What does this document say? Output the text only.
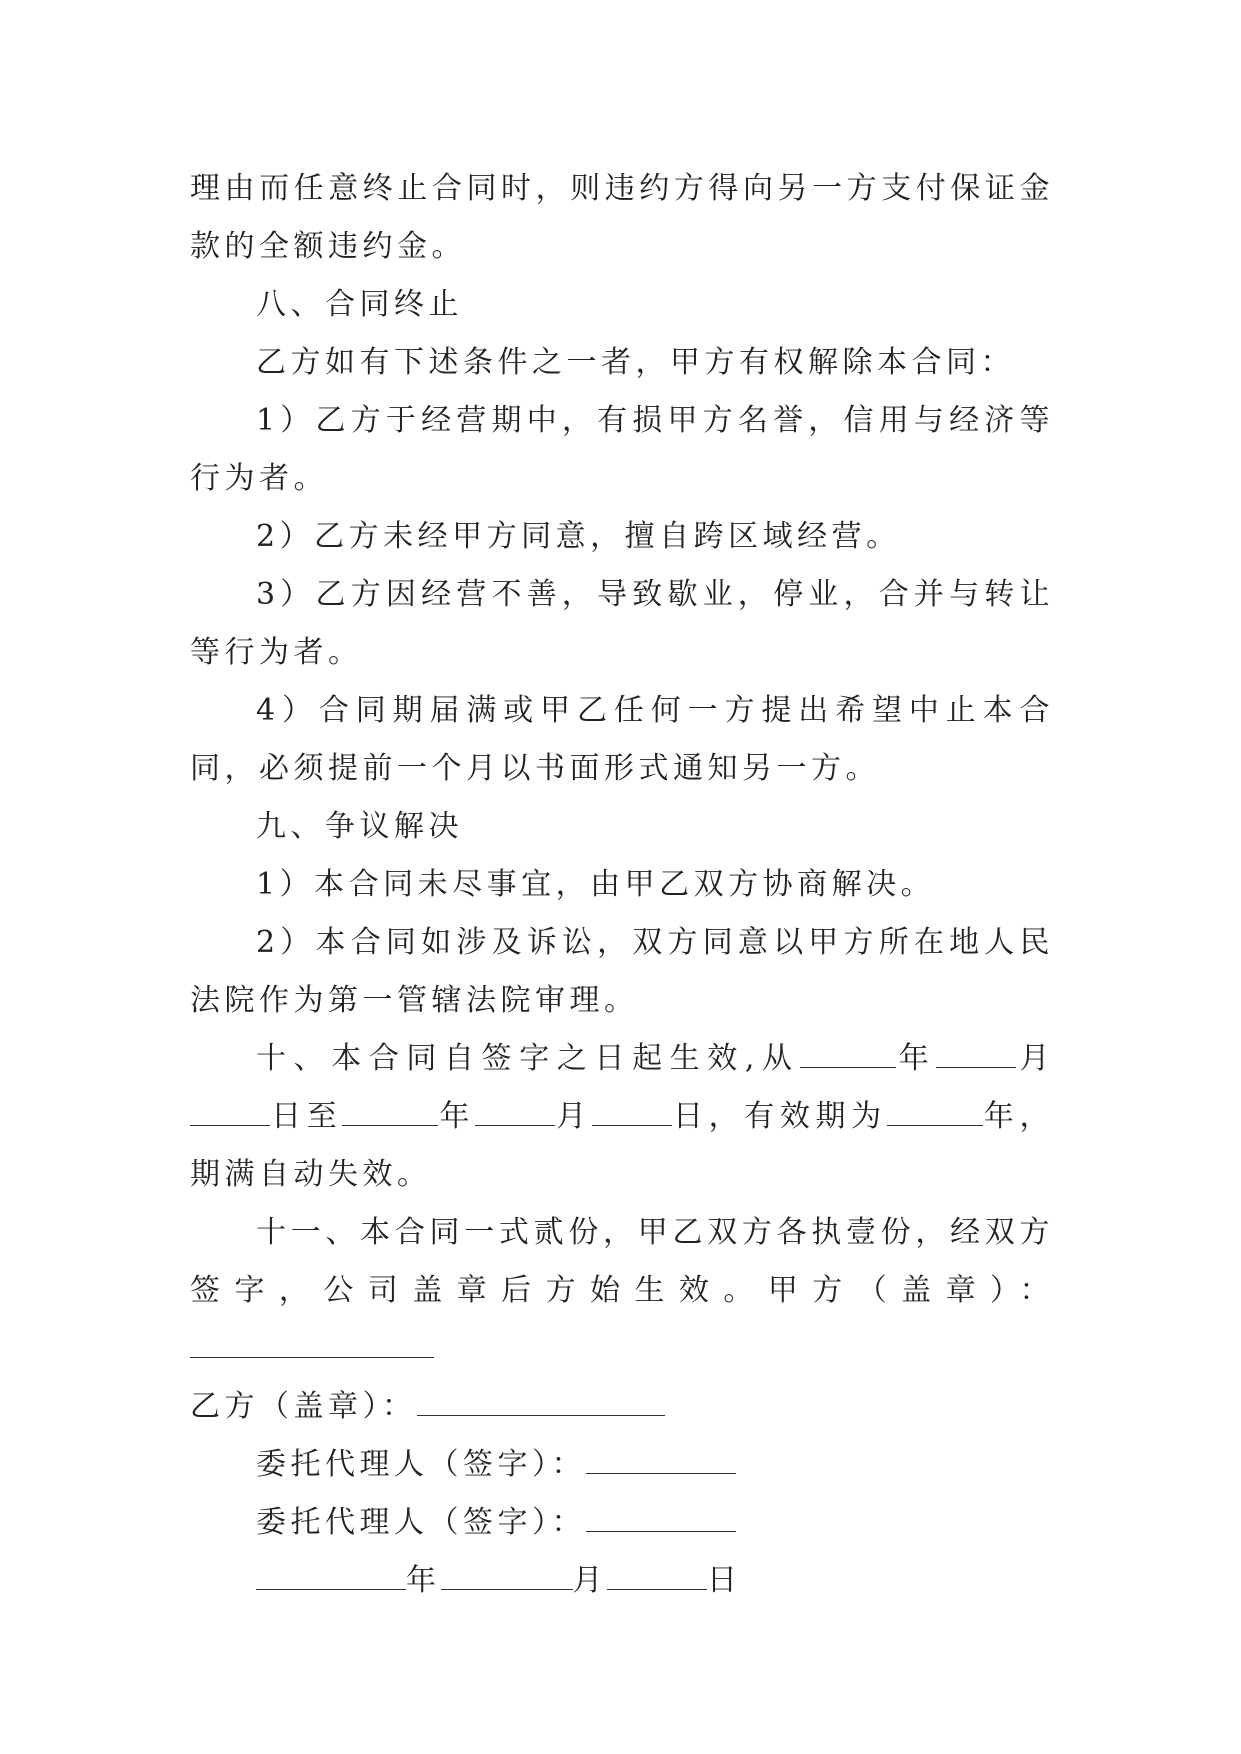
理由而任意终止合同时，则违约方得向另一方支付保证金款的全额违约金。

八、合同终止

乙方如有下述条件之一者，甲方有权解除本合同：

1）乙方于经营期中，有损甲方名誉，信用与经济等行为者。

2）乙方未经甲方同意，擅自跨区域经营。

3）乙方因经营不善，导致歇业，停业，合并与转让等行为者。

4）合同期届满或甲乙任何一方提出希望中止本合同，必须提前一个月以书面形式通知另一方。

九、争议解决

1）本合同未尽事宜，由甲乙双方协商解决。

2）本合同如涉及诉讼，双方同意以甲方所在地人民法院作为第一管辖法院审理。

十、本合同自签字之日起生效,从	年	月日至	年	月	日，有效期为	年，期满自动失效。

十一、本合同一式贰份，甲乙双方各执壹份，经双方签字，公司盖章后方始生效。甲方（盖章）：
乙方（盖章）：

委托代理人（签字）：

委托代理人（签字）：

年	月	日
